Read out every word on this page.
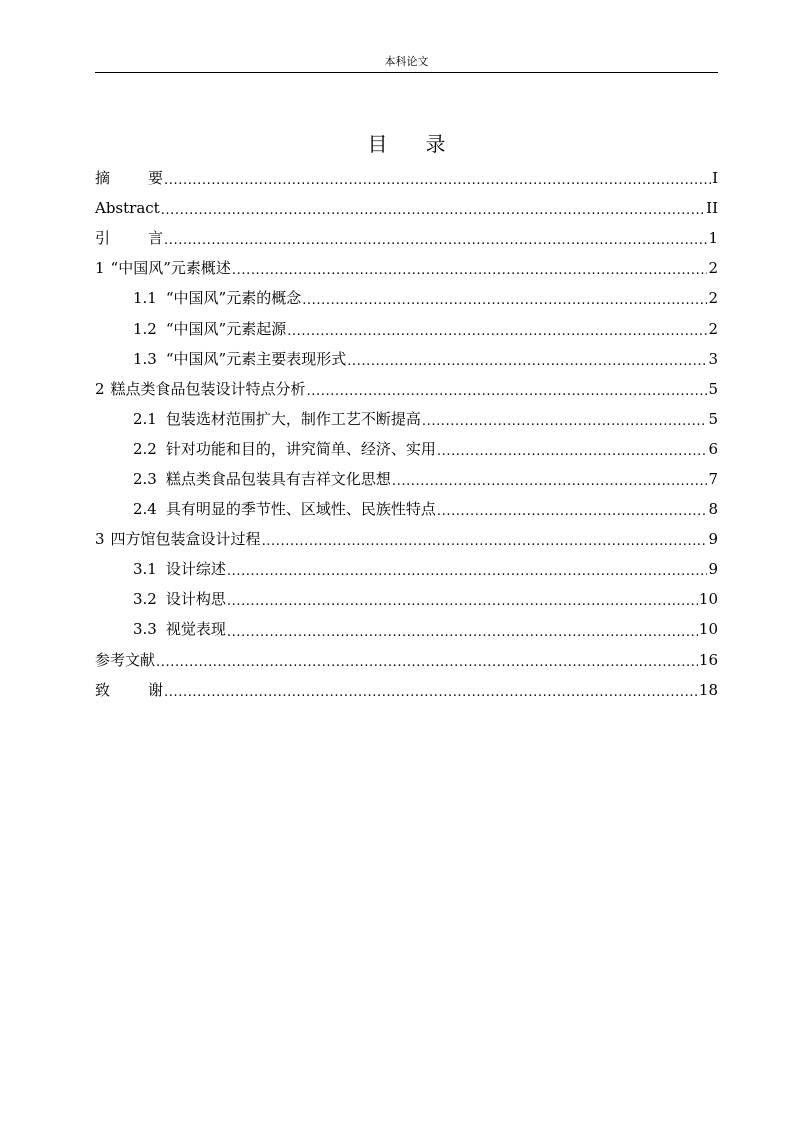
本科论文
目 录
摘	要 .....	I
Abstract .....	II
引	言 .....	1
1 “中国风”元素概述 .....	2
1.1 “中国风”元素的概念 .....	2
1.2 “中国风”元素起源 .....	2
1.3 “中国风”元素主要表现形式 .....	3
2 糕点类食品包装设计特点分析 .....	5
2.1 包装选材范围扩大，制作工艺不断提高 .....	5
2.2 针对功能和目的，讲究简单、经济、实用 .....	6
2.3 糕点类食品包装具有吉祥文化思想 .....	7
2.4 具有明显的季节性、区域性、民族性特点 .....	8
3 四方馆包装盒设计过程 .....	9
3.1 设计综述 .....	9
3.2 设计构思 .....	10
3.3 视觉表现 .....	10
参考文献 .....	16
致	谢 .....	18
